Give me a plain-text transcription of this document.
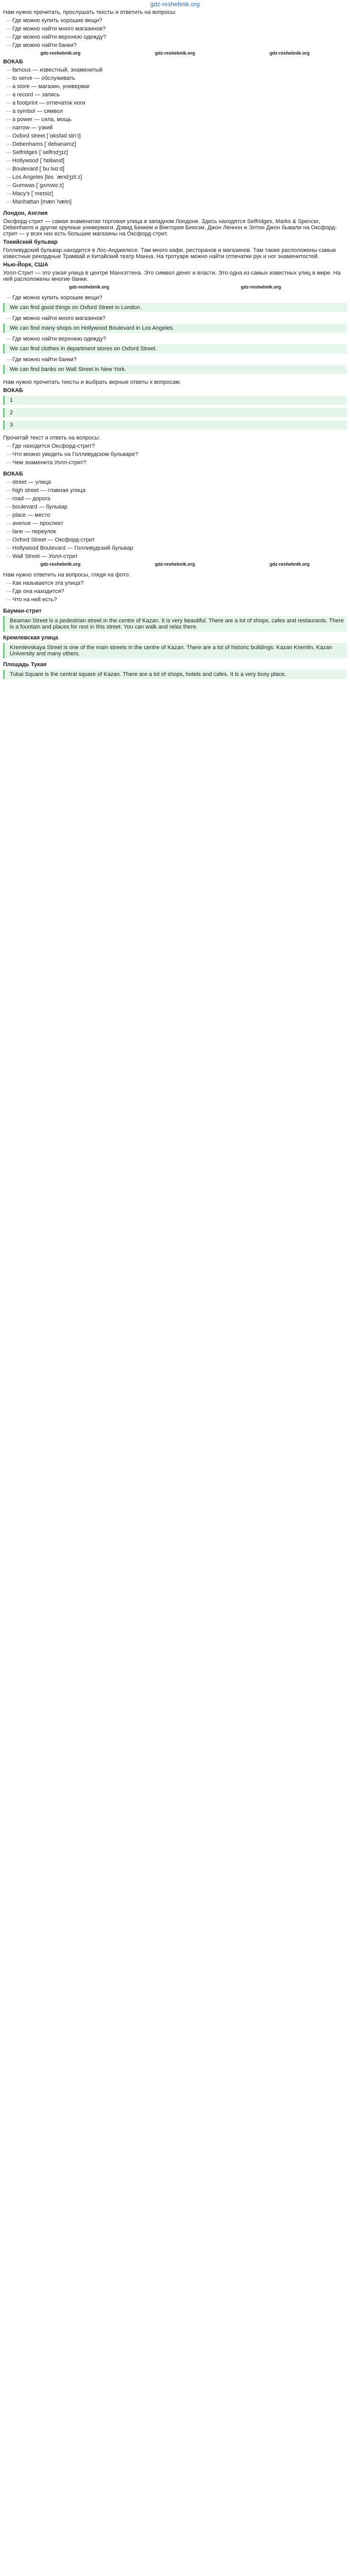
gdz-reshebnik.org
Нам нужно прочитать, прослушать тексты и ответить на вопросы:
— Где можно купить хорошие вещи?
— Где можно найти много магазинов?
— Где можно найти верхнюю одежду?
— Где можно найти банки?
gdz-reshebnik.org	gdz-reshebnik.org	gdz-reshebnik.org
ВОКАБ
— famous — известный, знаменитый
— to serve — обслуживать
— a store — магазин, универмаг
— a record — запись
— a footprint — отпечаток ноги
— a symbol — символ
— a power — сила, мощь
— narrow — узкий
— Oxford street [ˈɒksfəd striːt]
— Debenhams [ˈdebənəmz]
— Selfridges [ˈselfrɪdʒɪz]
— Hollywood [ˈhɒliwʊd]
— Boulevard [ˈbuːlvɑːd]
— Los Angeles [lɒs ˈændʒɪliːz]
— Gumwas [ˈgʌmwɑːz]
— Macy's [ˈmeɪsiz]
— Manhattan [mænˈhætn]
Лондон, Англия
Оксфорд-стрит — самая знаменитая торговая улица в западном Лондоне. Здесь находятся Sеlfridges, Marks & Spencer, Debenhams и другие крупные универмаги. Дэвид Беккем и Виктория Бекхэм, Джон Леннон и Элтон Джон бывали на Оксфорд-стрит — у всех них есть большие магазины на Оксфорд-стрит.
Токийский бульвар
Голливудский бульвар находится в Лос-Анджелесе. Там много кафе, ресторанов и магазинов. Там также расположены самые известные рекордные Трамвай и Китайский театр Манна. На тротуаре можно найти отпечатки рук и ног знаменитостей.
Нью-Йорк, США
Уолл-Стрит — это узкая улица в центре Манхэттена. Это символ денег и власти. Это одна из самых известных улиц в мире. На ней расположены многие банки.
gdz-reshebnik.org	gdz-reshebnik.org
— Где можно купить хорошие вещи?
We can find good things on Oxford Street in London.
— Где можно найти много магазинов?
We can find many shops on Hollywood Boulevard in Los Angeles.
— Где можно найти верхнюю одежду?
We can find clothes in department stores on Oxford Street.
— Где можно найти банки?
We can find banks on Wall Street in New York.
Нам нужно прочитать тексты и выбрать верные ответы к вопросам:
ВОКАБ
1
2
3
Прочитай текст и ответь на вопросы:
— Где находится Оксфорд-стрит?
— Что можно увидеть на Голливудском бульваре?
— Чем знаменита Уолл-стрит?
ВОКАБ
— street — улица
— high street — главная улица
— road — дорога
— boulevard — бульвар
— place — место
— avenue — проспект
— lane — переулок
— Oxford Street — Оксфорд-стрит
— Hollywood Boulevard — Голливудский бульвар
— Wall Street — Уолл-стрит
gdz-reshebnik.org	gdz-reshebnik.org	gdz-reshebnik.org
Нам нужно ответить на вопросы, глядя на фото:
— Как называется эта улица?
— Где она находится?
— Что на ней есть?
Бауман-стрит
Beaman Street is a pedestrian street in the centre of Kazan. It is very beautiful. There are a lot of shops, cafes and restaurants. There is a fountain and places for rest in this street. You can walk and relax there.
Кремлевская улица
Kremlevskaya Street is one of the main streets in the centre of Kazan. There are a lot of historic buildings: Kazan Kremlin, Kazan University and many others.
Площадь Тукая
Tukai Square is the central square of Kazan. There are a lot of shops, hotels and cafes. It is a very busy place.
